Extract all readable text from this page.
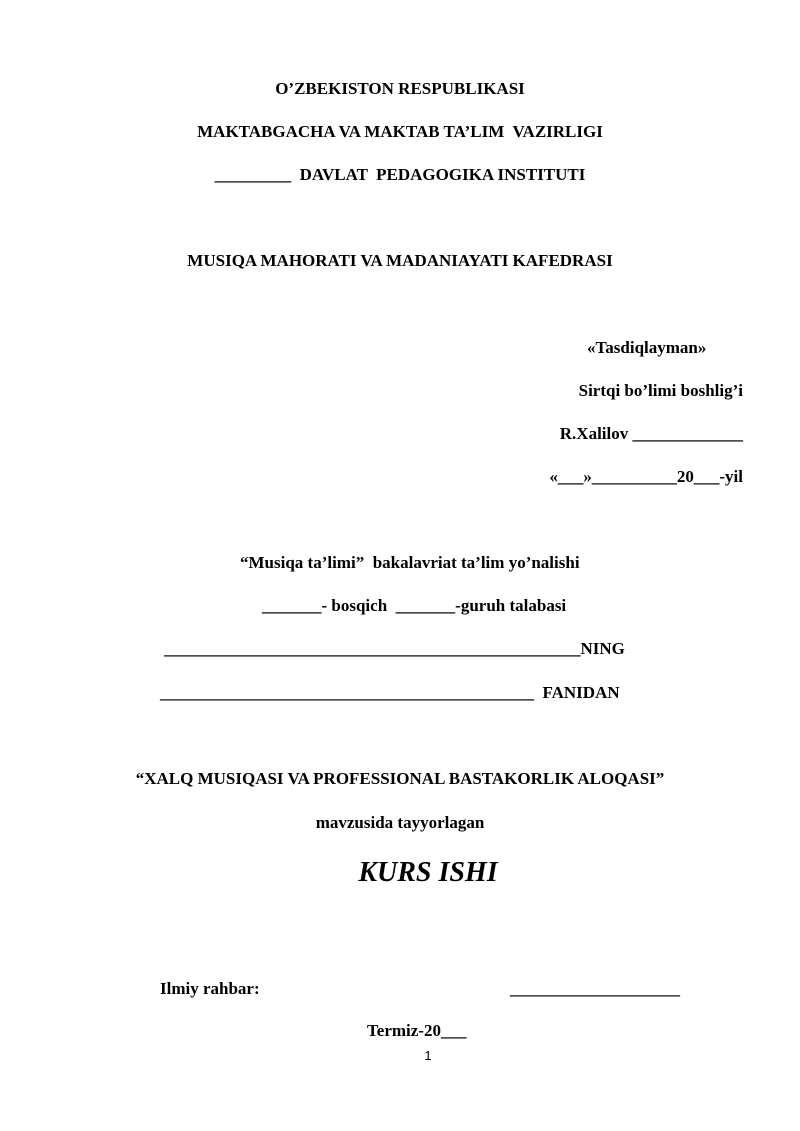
O’ZBEKISTON RESPUBLIKASI
MAKTABGACHA VA MAKTAB TA’LIM  VAZIRLIGI
_________  DAVLAT  PEDAGOGIKA INSTITUTI
MUSIQA MAHORATI VA MADANIAYATI KAFEDRASI
«Tasdiqlayman»
Sirtqi bo’limi boshlig’i
R.Xalilov _____________
«___»__________20___-yil
“Musiqa ta’limi”  bakalavriat ta’lim yo’nalishi
_______- bosqich  _______-guruh talabasi
_________________________________________________NING
____________________________________________  FANIDAN
“XALQ MUSIQASI VA PROFESSIONAL BASTAKORLIK ALOQASI”
mavzusida tayyorlagan
KURS ISHI
Ilmiy rahbar:	____________________
Termiz-20___
1
